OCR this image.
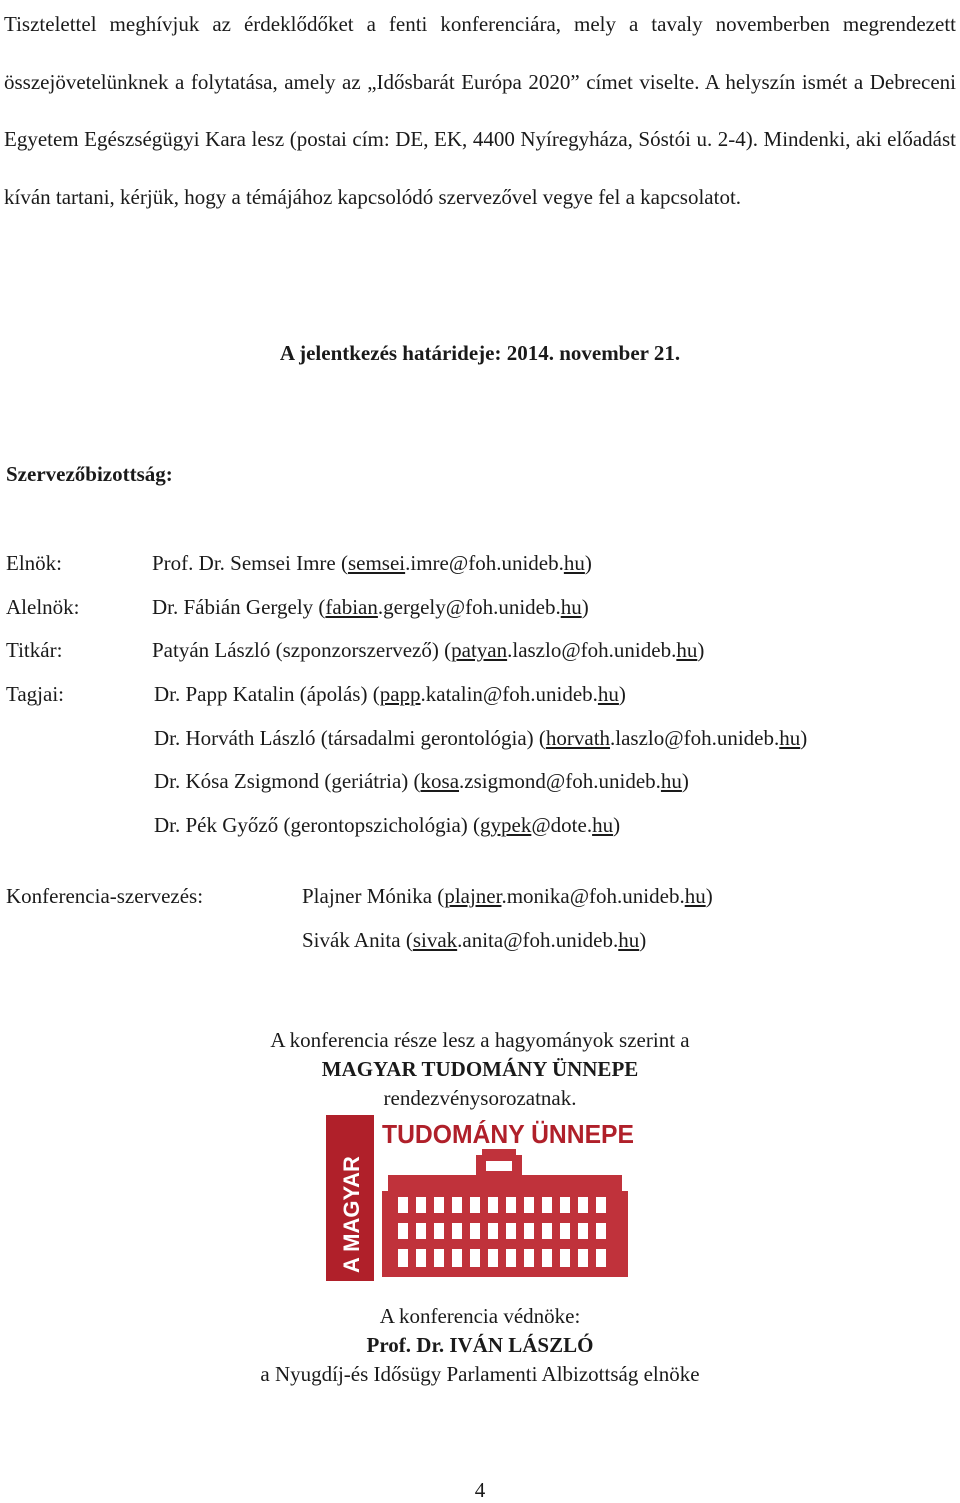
Tisztelettel meghívjuk az érdeklődőket a fenti konferenciára, mely a tavaly novemberben megrendezett összejövetelünknek a folytatása, amely az „Idősbarát Európa 2020” címet viselte. A helyszín ismét a Debreceni Egyetem Egészségügyi Kara lesz (postai cím: DE, EK, 4400 Nyíregyháza, Sóstói u. 2-4). Mindenki, aki előadást kíván tartani, kérjük, hogy a témájához kapcsolódó szervezővel vegye fel a kapcsolatot.

A jelentkezés határideje: 2014. november 21.

Szervezőbizottság:

Elnök:	Prof. Dr. Semsei Imre (semsei.imre@foh.unideb.hu)
Alelnök:	Dr. Fábián Gergely (fabian.gergely@foh.unideb.hu)
Titkár:	Patyán László (szponzorszervező) (patyan.laszlo@foh.unideb.hu)
Tagjai:	Dr. Papp Katalin (ápolás) (papp.katalin@foh.unideb.hu)
Dr. Horváth László (társadalmi gerontológia) (horvath.laszlo@foh.unideb.hu)
Dr. Kósa Zsigmond (geriátria) (kosa.zsigmond@foh.unideb.hu)
Dr. Pék Győző (gerontopszichológia) (gypek@dote.hu)
Konferencia-szervezés:	Plajner Mónika (plajner.monika@foh.unideb.hu)
Sivák Anita (sivak.anita@foh.unideb.hu)

A konferencia része lesz a hagyományok szerint a

MAGYAR TUDOMÁNY ÜNNEPE

rendezvénysorozatnak.

A MAGYAR
TUDOMÁNY ÜNNEPE

A konferencia védnöke:

Prof. Dr. IVÁN LÁSZLÓ

a Nyugdíj-és Idősügy Parlamenti Albizottság elnöke

4
